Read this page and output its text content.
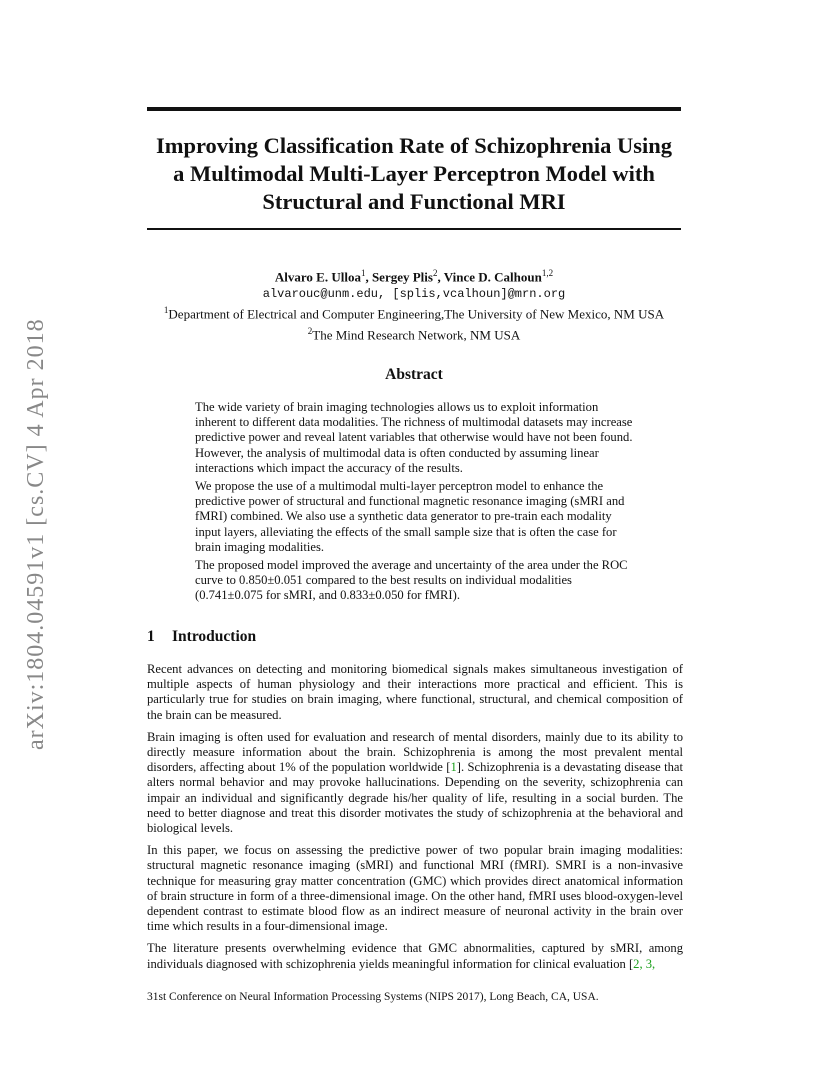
arXiv:1804.04591v1 [cs.CV] 4 Apr 2018
Improving Classification Rate of Schizophrenia Using
a Multimodal Multi-Layer Perceptron Model with
Structural and Functional MRI
Alvaro E. Ulloa$^1$, Sergey Plis$^2$, Vince D. Calhoun$^{1,2}$
alvarouc@unm.edu, [splis,vcalhoun]@mrn.org
$^1$Department of Electrical and Computer Engineering,The University of New Mexico, NM USA
$^2$The Mind Research Network, NM USA
Abstract

The wide variety of brain imaging technologies allows us to exploit information inherent to different data modalities. The richness of multimodal datasets may increase predictive power and reveal latent variables that otherwise would have not been found. However, the analysis of multimodal data is often conducted by assuming linear interactions which impact the accuracy of the results.

We propose the use of a multimodal multi-layer perceptron model to enhance the predictive power of structural and functional magnetic resonance imaging (sMRI and fMRI) combined. We also use a synthetic data generator to pre-train each modality input layers, alleviating the effects of the small sample size that is often the case for brain imaging modalities.

The proposed model improved the average and uncertainty of the area under the ROC curve to 0.850±0.051 compared to the best results on individual modalities (0.741±0.075 for sMRI, and 0.833±0.050 for fMRI).

1 Introduction

Recent advances on detecting and monitoring biomedical signals makes simultaneous investigation of multiple aspects of human physiology and their interactions more practical and efficient. This is particularly true for studies on brain imaging, where functional, structural, and chemical composition of the brain can be measured.

Brain imaging is often used for evaluation and research of mental disorders, mainly due to its ability to directly measure information about the brain. Schizophrenia is among the most prevalent mental disorders, affecting about 1% of the population worldwide [1]. Schizophrenia is a devastating disease that alters normal behavior and may provoke hallucinations. Depending on the severity, schizophrenia can impair an individual and significantly degrade his/her quality of life, resulting in a social burden. The need to better diagnose and treat this disorder motivates the study of schizophrenia at the behavioral and biological levels.

In this paper, we focus on assessing the predictive power of two popular brain imaging modalities: structural magnetic resonance imaging (sMRI) and functional MRI (fMRI). SMRI is a non-invasive technique for measuring gray matter concentration (GMC) which provides direct anatomical information of brain structure in form of a three-dimensional image. On the other hand, fMRI uses blood-oxygen-level dependent contrast to estimate blood flow as an indirect measure of neuronal activity in the brain over time which results in a four-dimensional image.

The literature presents overwhelming evidence that GMC abnormalities, captured by sMRI, among individuals diagnosed with schizophrenia yields meaningful information for clinical evaluation [2, 3,

31st Conference on Neural Information Processing Systems (NIPS 2017), Long Beach, CA, USA.
